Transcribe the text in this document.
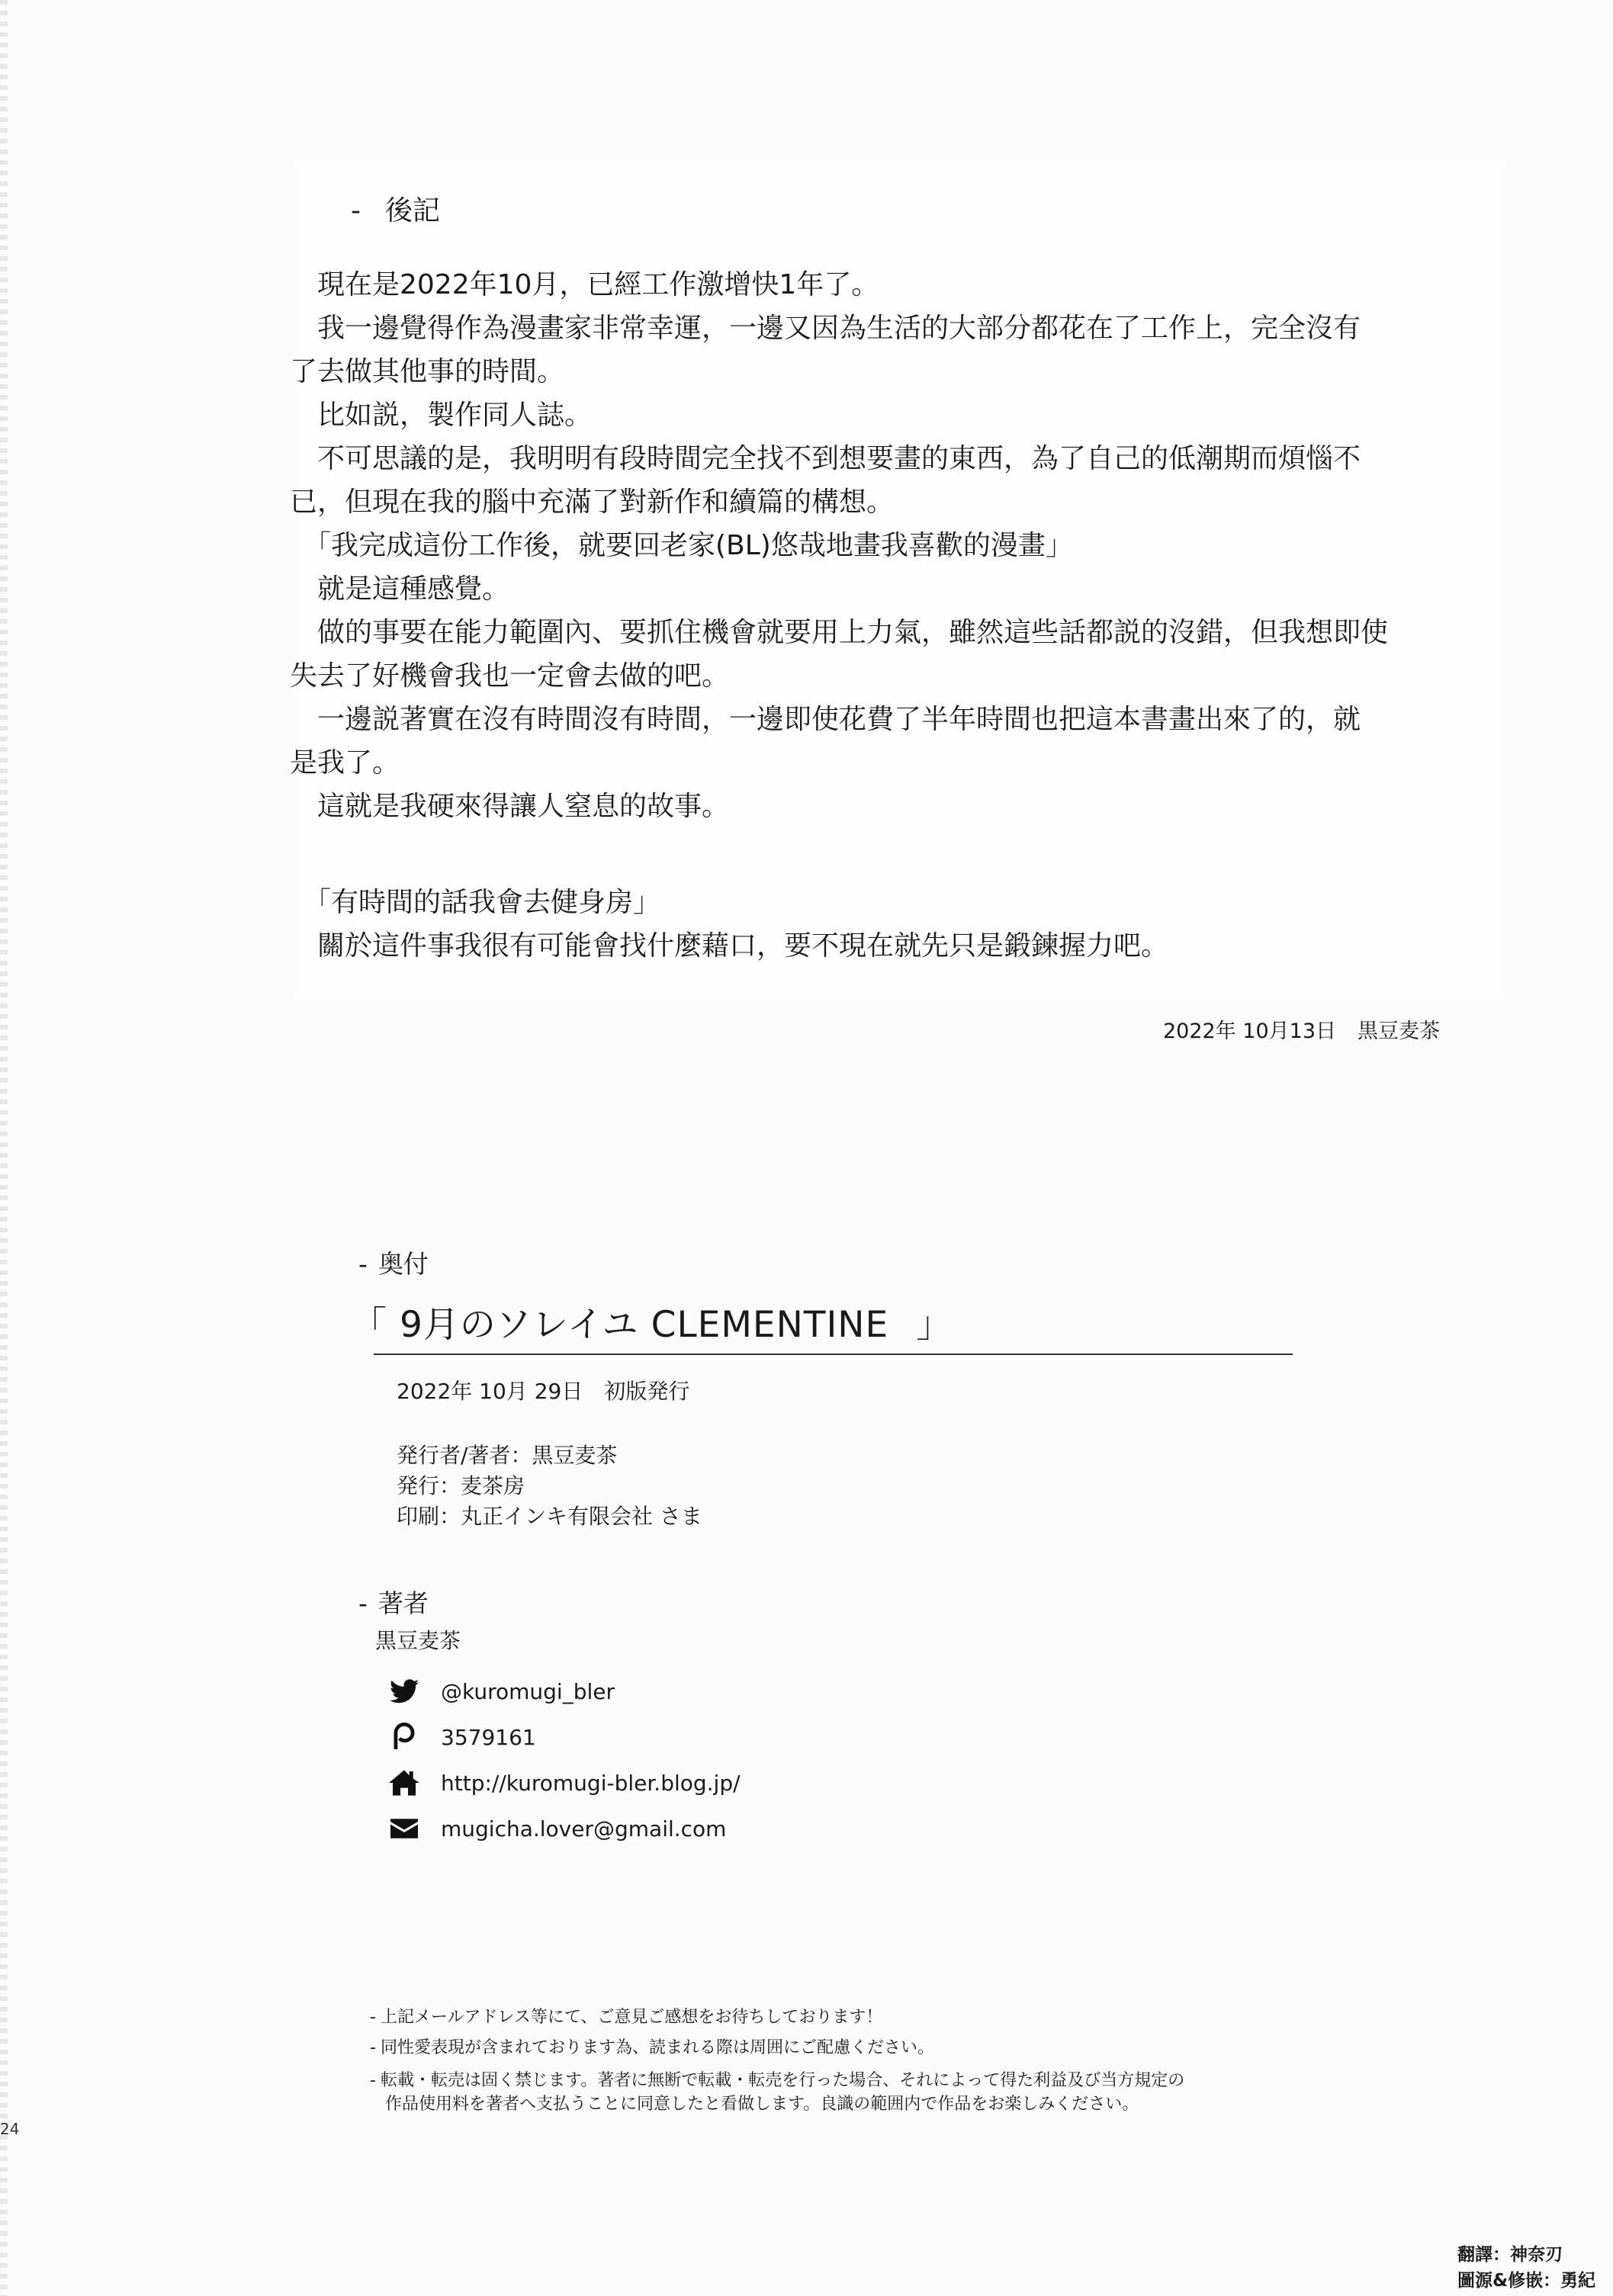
- 後記
　現在是2022年10月，已經工作激增快1年了。
　我一邊覺得作為漫畫家非常幸運，一邊又因為生活的大部分都花在了工作上，完全沒有
了去做其他事的時間。
　比如説，製作同人誌。
　不可思議的是，我明明有段時間完全找不到想要畫的東西，為了自己的低潮期而煩惱不
已，但現在我的腦中充滿了對新作和續篇的構想。
　「我完成這份工作後，就要回老家(BL)悠哉地畫我喜歡的漫畫」
　就是這種感覺。
　做的事要在能力範圍內、要抓住機會就要用上力氣，雖然這些話都説的沒錯，但我想即使
失去了好機會我也一定會去做的吧。
　一邊説著實在沒有時間沒有時間，一邊即使花費了半年時間也把這本書畫出來了的，就
是我了。
　這就是我硬來得讓人窒息的故事。
　「有時間的話我會去健身房」
　關於這件事我很有可能會找什麼藉口，要不現在就先只是鍛鍊握力吧。
2022年 10月13日 黒豆麦茶
- 奥付
「 9月のソレイユ CLEMENTINE 」
2022年 10月 29日　初版発行
発行者/著者：黒豆麦茶
発行：麦茶房
印刷：丸正インキ有限会社 さま
- 著者
黒豆麦茶
@kuromugi_bler
3579161
http://kuromugi-bler.blog.jp/
mugicha.lover@gmail.com
- 上記メールアドレス等にて、ご意見ご感想をお待ちしております！
- 同性愛表現が含まれております為、読まれる際は周囲にご配慮ください。
- 転載・転売は固く禁じます。著者に無断で転載・転売を行った場合、それによって得た利益及び当方規定の
作品使用料を著者へ支払うことに同意したと看做します。良識の範囲内で作品をお楽しみください。
24
翻譯：神奈刃
圖源&修嵌：勇紀
